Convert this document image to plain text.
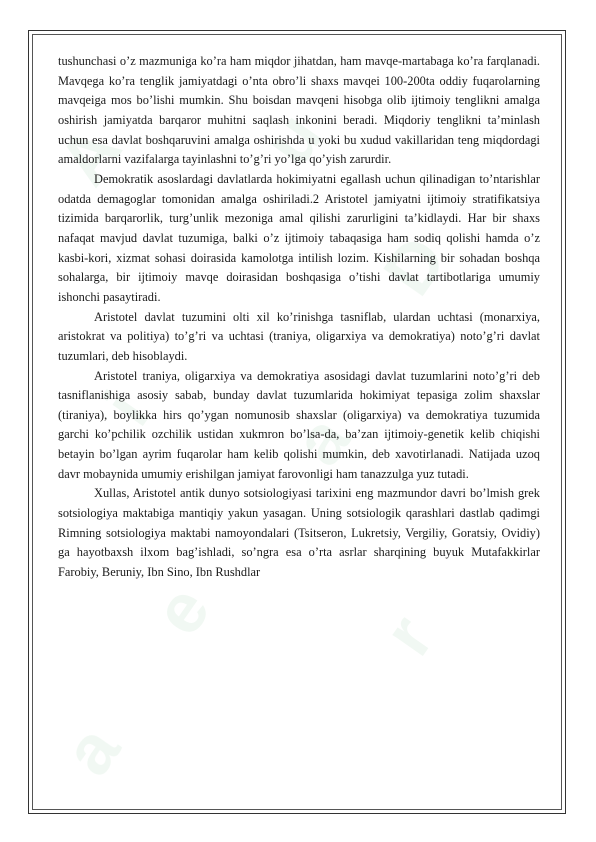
A u
D
i a
e r
a

tushunchasi o’z mazmuniga ko’ra ham miqdor jihatdan, ham mavqe-martabaga ko’ra farqlanadi. Mavqega ko’ra tenglik jamiyatdagi o’nta obro’li shaxs mavqei 100-200ta oddiy fuqarolarning mavqeiga mos bo’lishi mumkin. Shu boisdan mavqeni hisobga olib ijtimoiy tenglikni amalga oshirish jamiyatda barqaror muhitni saqlash inkonini beradi. Miqdoriy tenglikni ta’minlash uchun esa davlat boshqaruvini amalga oshirishda u yoki bu xudud vakillaridan teng miqdordagi amaldorlarni vazifalarga tayinlashni to’g’ri yo’lga qo’yish zarurdir.

Demokratik asoslardagi davlatlarda hokimiyatni egallash uchun qilinadigan to’ntarishlar odatda demagoglar tomonidan amalga oshiriladi.2 Aristotel jamiyatni ijtimoiy stratifikatsiya tizimida barqarorlik, turg’unlik mezoniga amal qilishi zarurligini ta’kidlaydi. Har bir shaxs nafaqat mavjud davlat tuzumiga, balki o’z ijtimoiy tabaqasiga ham sodiq qolishi hamda o’z kasbi-kori, xizmat sohasi doirasida kamolotga intilish lozim. Kishilarning bir sohadan boshqa sohalarga, bir ijtimoiy mavqe doirasidan boshqasiga o’tishi davlat tartibotlariga umumiy ishonchi pasaytiradi.

Aristotel davlat tuzumini olti xil ko’rinishga tasniflab, ulardan uchtasi (monarxiya, aristokrat va politiya) to’g’ri va uchtasi (traniya, oligarxiya va demokratiya) noto’g’ri davlat tuzumlari, deb hisoblaydi.

Aristotel traniya, oligarxiya va demokratiya asosidagi davlat tuzumlarini noto’g’ri deb tasniflanishiga asosiy sabab, bunday davlat tuzumlarida hokimiyat tepasiga zolim shaxslar (tiraniya), boylikka hirs qo’ygan nomunosib shaxslar (oligarxiya) va demokratiya tuzumida garchi ko’pchilik ozchilik ustidan xukmron bo’lsa-da, ba’zan ijtimoiy-genetik kelib chiqishi betayin bo’lgan ayrim fuqarolar ham kelib qolishi mumkin, deb xavotirlanadi. Natijada uzoq davr mobaynida umumiy erishilgan jamiyat farovonligi ham tanazzulga yuz tutadi.

Xullas, Aristotel antik dunyo sotsiologiyasi tarixini eng mazmundor davri bo’lmish grek sotsiologiya maktabiga mantiqiy yakun yasagan. Uning sotsiologik qarashlari dastlab qadimgi Rimning sotsiologiya maktabi namoyondalari (Tsitseron, Lukretsiy, Vergiliy, Goratsiy, Ovidiy) ga hayotbaxsh ilxom bag’ishladi, so’ngra esa o’rta asrlar sharqining buyuk Mutafakkirlar Farobiy, Beruniy, Ibn Sino, Ibn Rushdlar
